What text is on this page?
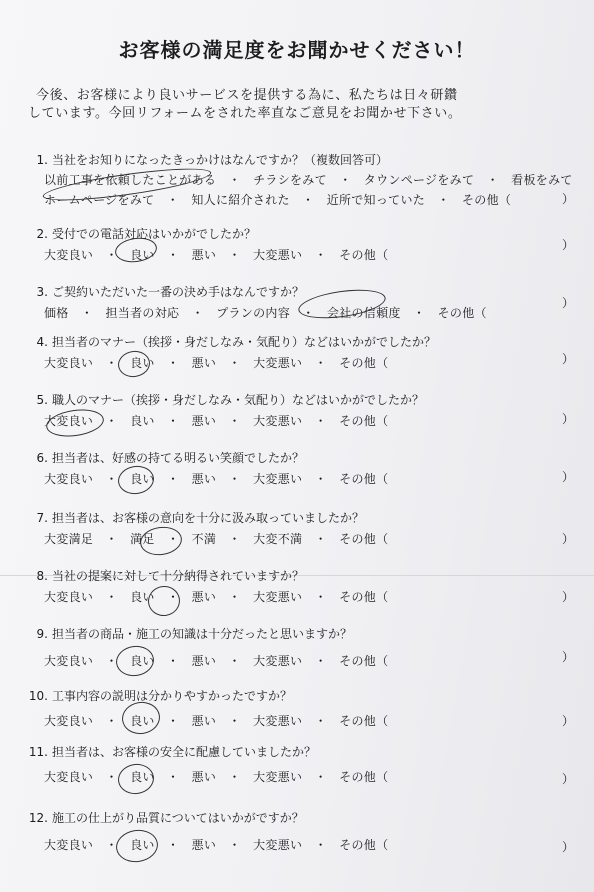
お客様の満足度をお聞かせください！
今後、お客様により良いサービスを提供する為に、私たちは日々研鑽
しています。今回リフォームをされた率直なご意見をお聞かせ下さい。
1. 当社をお知りになったきっかけはなんですか？（複数回答可）
以前工事を依頼したことがある　・　チラシをみて　・　タウンページをみて　・　看板をみて
ホームページをみて　・　知人に紹介された　・　近所で知っていた　・　その他（	）
2. 受付での電話対応はいかがでしたか？
大変良い　・　良い　・　悪い　・　大変悪い　・　その他（
）
3. ご契約いただいた一番の決め手はなんですか？
価格　・　担当者の対応　・　プランの内容　・　会社の信頼度　・　その他（
）
4. 担当者のマナー（挨拶・身だしなみ・気配り）などはいかがでしたか？
大変良い　・　良い　・　悪い　・　大変悪い　・　その他（	）
5. 職人のマナー（挨拶・身だしなみ・気配り）などはいかがでしたか？
大変良い　・　良い　・　悪い　・　大変悪い　・　その他（	）
6. 担当者は、好感の持てる明るい笑顔でしたか？
大変良い　・　良い　・　悪い　・　大変悪い　・　その他（	）
7. 担当者は、お客様の意向を十分に汲み取っていましたか？
大変満足　・　満足　・　不満　・　大変不満　・　その他（	）
8. 当社の提案に対して十分納得されていますか？
大変良い　・　良い　・　悪い　・　大変悪い　・　その他（	）
9. 担当者の商品・施工の知識は十分だったと思いますか？
大変良い　・　良い　・　悪い　・　大変悪い　・　その他（	）
10. 工事内容の説明は分かりやすかったですか？
大変良い　・　良い　・　悪い　・　大変悪い　・　その他（	）
11. 担当者は、お客様の安全に配慮していましたか？
大変良い　・　良い　・　悪い　・　大変悪い　・　その他（	）
12. 施工の仕上がり品質についてはいかがですか？
大変良い　・　良い　・　悪い　・　大変悪い　・　その他（	）
